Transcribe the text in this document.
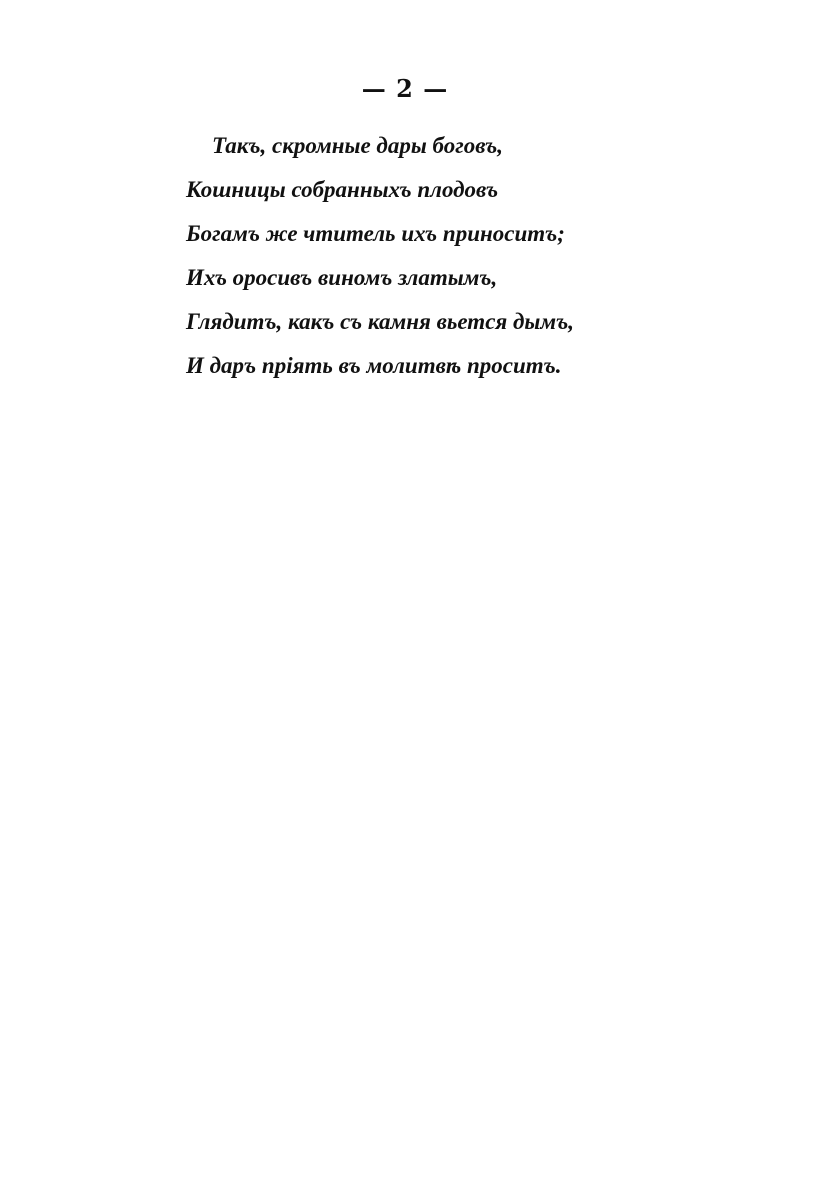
— 2 —
Такъ, скромные дары боговъ,
Кошницы собранныхъ плодовъ
Богамъ же чтитель ихъ приноситъ;
Ихъ оросивъ виномъ златымъ,
Глядитъ, какъ съ камня вьется дымъ,
И даръ прiять въ молитвѣ проситъ.
